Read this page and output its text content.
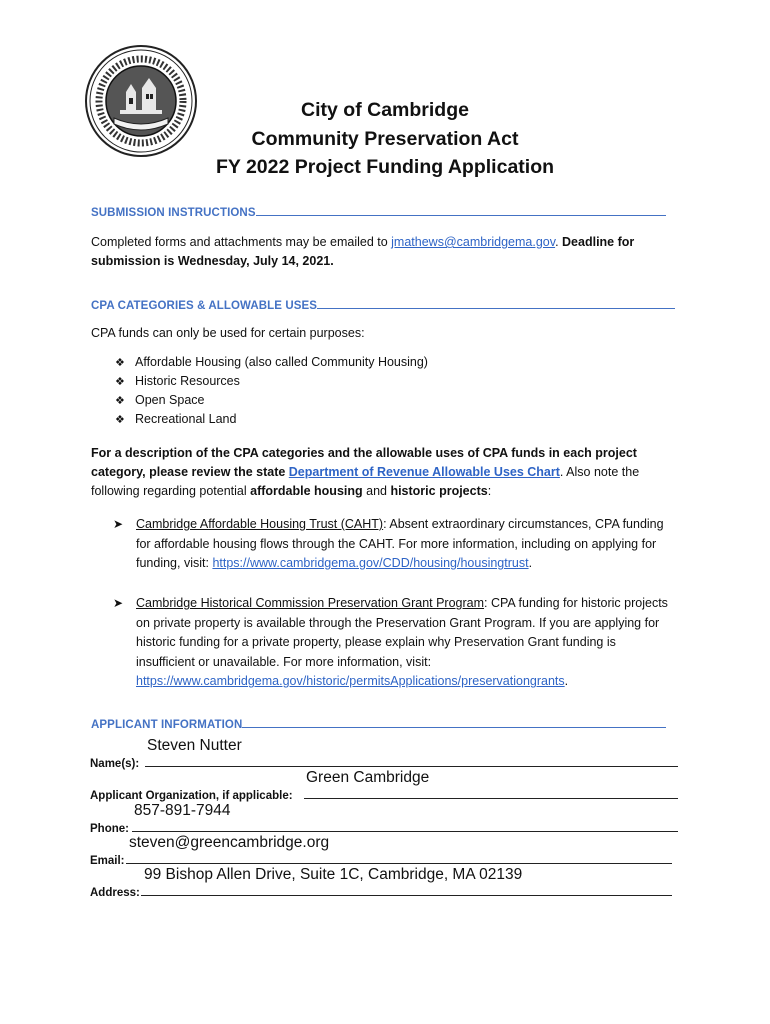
City of Cambridge
Community Preservation Act
FY 2022 Project Funding Application
SUBMISSION INSTRUCTIONS
Completed forms and attachments may be emailed to jmathews@cambridgema.gov. Deadline for submission is Wednesday, July 14, 2021.
CPA CATEGORIES & ALLOWABLE USES
CPA funds can only be used for certain purposes:
❖ Affordable Housing (also called Community Housing)
❖ Historic Resources
❖ Open Space
❖ Recreational Land
For a description of the CPA categories and the allowable uses of CPA funds in each project category, please review the state Department of Revenue Allowable Uses Chart. Also note the following regarding potential affordable housing and historic projects:
➤ Cambridge Affordable Housing Trust (CAHT): Absent extraordinary circumstances, CPA funding for affordable housing flows through the CAHT. For more information, including on applying for funding, visit: https://www.cambridgema.gov/CDD/housing/housingtrust.
➤ Cambridge Historical Commission Preservation Grant Program: CPA funding for historic projects on private property is available through the Preservation Grant Program. If you are applying for historic funding for a private property, please explain why Preservation Grant funding is insufficient or unavailable. For more information, visit: https://www.cambridgema.gov/historic/permitsApplications/preservationgrants.
APPLICANT INFORMATION
Name(s):
Steven Nutter
Applicant Organization, if applicable:
Green Cambridge
Phone:
857-891-7944
Email:
steven@greencambridge.org
Address:
99 Bishop Allen Drive, Suite 1C, Cambridge, MA 02139
